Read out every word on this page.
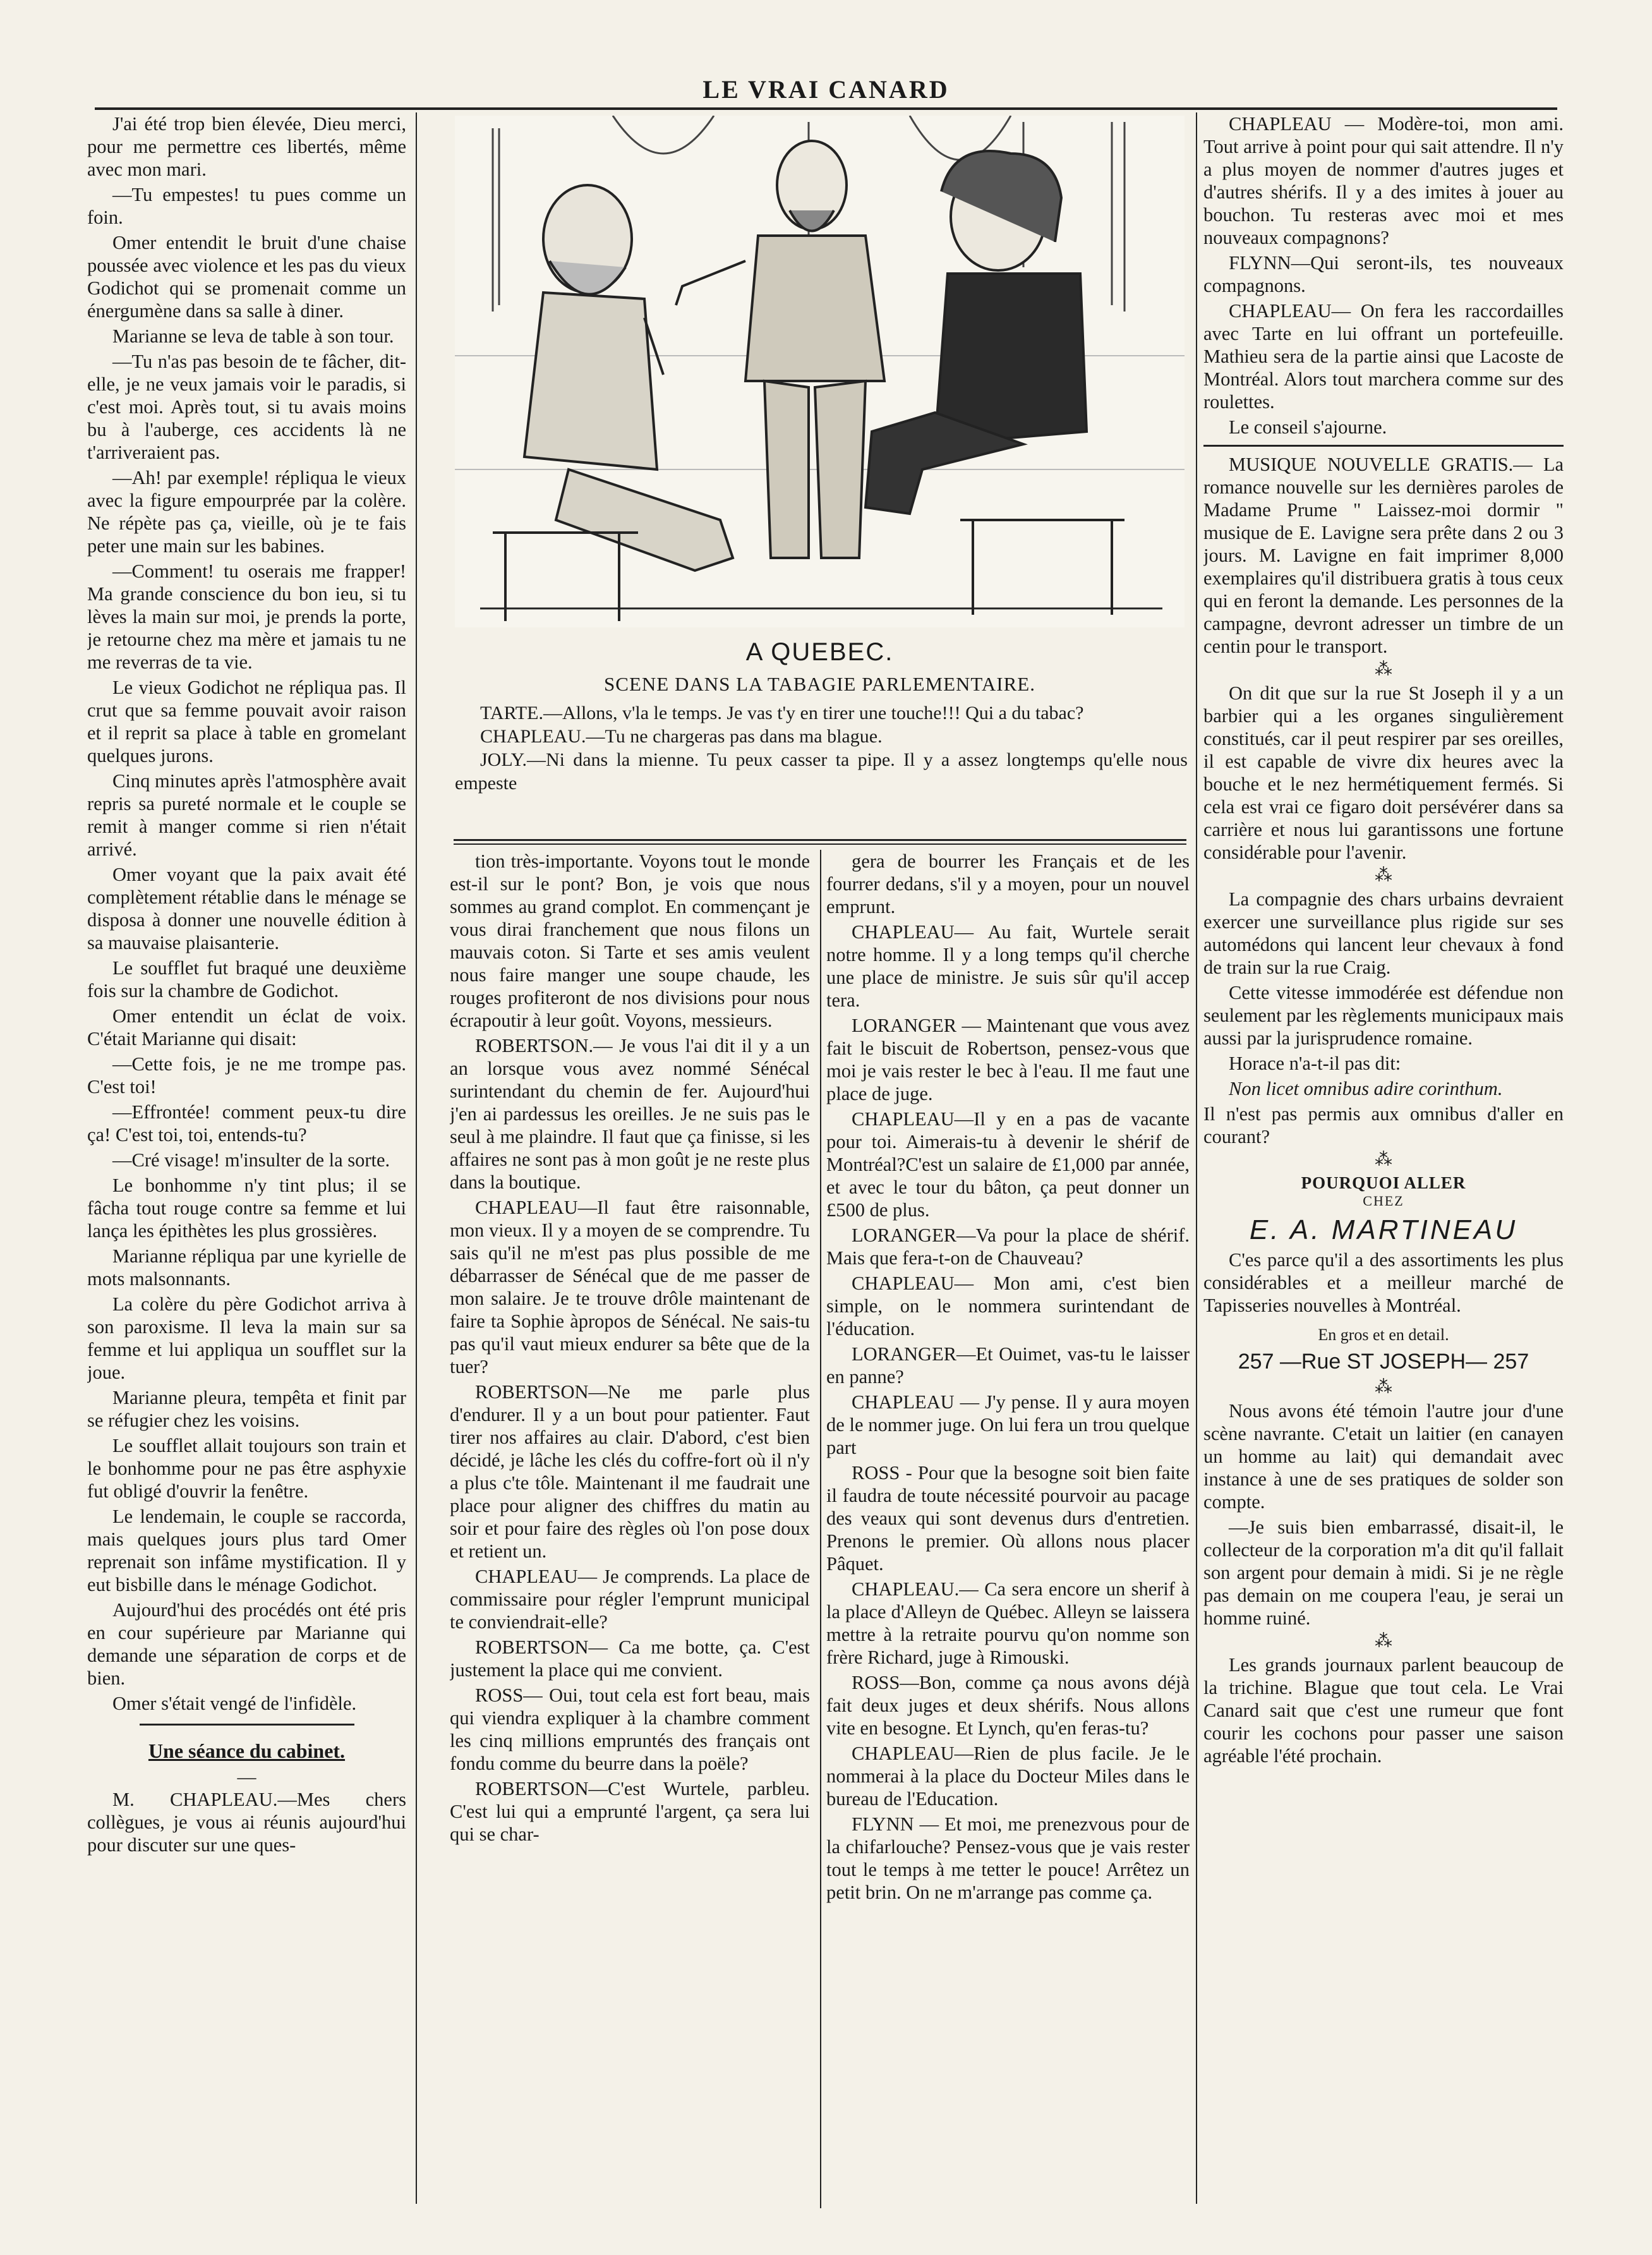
LE VRAI CANARD

J'ai été trop bien élevée, Dieu merci, pour me permettre ces libertés, même avec mon mari.

—Tu empestes! tu pues comme un foin.

Omer entendit le bruit d'une chaise poussée avec violence et les pas du vieux Godichot qui se promenait comme un énergumène dans sa salle à diner.

Marianne se leva de table à son tour.

—Tu n'as pas besoin de te fâcher, dit-elle, je ne veux jamais voir le paradis, si c'est moi. Après tout, si tu avais moins bu à l'auberge, ces accidents là ne t'arriveraient pas.

—Ah! par exemple! répliqua le vieux avec la figure empourprée par la colère. Ne répète pas ça, vieille, où je te fais peter une main sur les babines.

—Comment! tu oserais me frapper! Ma grande conscience du bon ieu, si tu lèves la main sur moi, je prends la porte, je retourne chez ma mère et jamais tu ne me reverras de ta vie.

Le vieux Godichot ne répliqua pas. Il crut que sa femme pouvait avoir raison et il reprit sa place à table en gromelant quelques jurons.

Cinq minutes après l'atmosphère avait repris sa pureté normale et le couple se remit à manger comme si rien n'était arrivé.

Omer voyant que la paix avait été complètement rétablie dans le ménage se disposa à donner une nouvelle édition à sa mauvaise plaisanterie.

Le soufflet fut braqué une deuxième fois sur la chambre de Godichot.

Omer entendit un éclat de voix. C'était Marianne qui disait:

—Cette fois, je ne me trompe pas. C'est toi!

—Effrontée! comment peux-tu dire ça! C'est toi, toi, entends-tu?

—Cré visage! m'insulter de la sorte.

Le bonhomme n'y tint plus; il se fâcha tout rouge contre sa femme et lui lança les épithètes les plus grossières.

Marianne répliqua par une kyrielle de mots malsonnants.

La colère du père Godichot arriva à son paroxisme. Il leva la main sur sa femme et lui appliqua un soufflet sur la joue.

Marianne pleura, tempêta et finit par se réfugier chez les voisins.

Le soufflet allait toujours son train et le bonhomme pour ne pas être asphyxie fut obligé d'ouvrir la fenêtre.

Le lendemain, le couple se raccorda, mais quelques jours plus tard Omer reprenait son infâme mystification. Il y eut bisbille dans le ménage Godichot.

Aujourd'hui des procédés ont été pris en cour supérieure par Marianne qui demande une séparation de corps et de bien.

Omer s'était vengé de l'infidèle.

Une séance du cabinet.
—

M. CHAPLEAU.—Mes chers collègues, je vous ai réunis aujourd'hui pour discuter sur une ques-

A QUEBEC.
SCENE DANS LA TABAGIE PARLEMENTAIRE.

TARTE.—Allons, v'la le temps. Je vas t'y en tirer une touche!!! Qui a du tabac?

CHAPLEAU.—Tu ne chargeras pas dans ma blague.

JOLY.—Ni dans la mienne. Tu peux casser ta pipe. Il y a assez longtemps qu'elle nous empeste

tion très-importante. Voyons tout le monde est-il sur le pont? Bon, je vois que nous sommes au grand complot. En commençant je vous dirai franchement que nous filons un mauvais coton. Si Tarte et ses amis veulent nous faire manger une soupe chaude, les rouges profiteront de nos divisions pour nous écrapoutir à leur goût. Voyons, messieurs.

ROBERTSON.— Je vous l'ai dit il y a un an lorsque vous avez nommé Sénécal surintendant du chemin de fer. Aujourd'hui j'en ai pardessus les oreilles. Je ne suis pas le seul à me plaindre. Il faut que ça finisse, si les affaires ne sont pas à mon goût je ne reste plus dans la boutique.

CHAPLEAU—Il faut être raisonnable, mon vieux. Il y a moyen de se comprendre. Tu sais qu'il ne m'est pas plus possible de me débarrasser de Sénécal que de me passer de mon salaire. Je te trouve drôle maintenant de faire ta Sophie àpropos de Sénécal. Ne sais-tu pas qu'il vaut mieux endurer sa bête que de la tuer?

ROBERTSON—Ne me parle plus d'endurer. Il y a un bout pour patienter. Faut tirer nos affaires au clair. D'abord, c'est bien décidé, je lâche les clés du coffre-fort où il n'y a plus c'te tôle. Maintenant il me faudrait une place pour aligner des chiffres du matin au soir et pour faire des règles où l'on pose doux et retient un.

CHAPLEAU— Je comprends. La place de commissaire pour régler l'emprunt municipal te conviendrait-elle?

ROBERTSON— Ca me botte, ça. C'est justement la place qui me convient.

ROSS— Oui, tout cela est fort beau, mais qui viendra expliquer à la chambre comment les cinq millions empruntés des français ont fondu comme du beurre dans la poële?

ROBERTSON—C'est Wurtele, parbleu. C'est lui qui a emprunté l'argent, ça sera lui qui se char-

gera de bourrer les Français et de les fourrer dedans, s'il y a moyen, pour un nouvel emprunt.

CHAPLEAU— Au fait, Wurtele serait notre homme. Il y a long temps qu'il cherche une place de ministre. Je suis sûr qu'il accep tera.

LORANGER — Maintenant que vous avez fait le biscuit de Robertson, pensez-vous que moi je vais rester le bec à l'eau. Il me faut une place de juge.

CHAPLEAU—Il y en a pas de vacante pour toi. Aimerais-tu à devenir le shérif de Montréal?C'est un salaire de £1,000 par année, et avec le tour du bâton, ça peut donner un £500 de plus.

LORANGER—Va pour la place de shérif. Mais que fera-t-on de Chauveau?

CHAPLEAU— Mon ami, c'est bien simple, on le nommera surintendant de l'éducation.

LORANGER—Et Ouimet, vas-tu le laisser en panne?

CHAPLEAU — J'y pense. Il y aura moyen de le nommer juge. On lui fera un trou quelque part

ROSS - Pour que la besogne soit bien faite il faudra de toute nécessité pourvoir au pacage des veaux qui sont devenus durs d'entretien. Prenons le premier. Où allons nous placer Pâquet.

CHAPLEAU.— Ca sera encore un sherif à la place d'Alleyn de Québec. Alleyn se laissera mettre à la retraite pourvu qu'on nomme son frère Richard, juge à Rimouski.

ROSS—Bon, comme ça nous avons déjà fait deux juges et deux shérifs. Nous allons vite en besogne. Et Lynch, qu'en feras-tu?

CHAPLEAU—Rien de plus facile. Je le nommerai à la place du Docteur Miles dans le bureau de l'Education.

FLYNN — Et moi, me prenezvous pour de la chifarlouche? Pensez-vous que je vais rester tout le temps à me tetter le pouce! Arrêtez un petit brin. On ne m'arrange pas comme ça.

CHAPLEAU — Modère-toi, mon ami. Tout arrive à point pour qui sait attendre. Il n'y a plus moyen de nommer d'autres juges et d'autres shérifs. Il y a des imites à jouer au bouchon. Tu resteras avec moi et mes nouveaux compagnons?

FLYNN—Qui seront-ils, tes nouveaux compagnons.

CHAPLEAU— On fera les raccordailles avec Tarte en lui offrant un portefeuille. Mathieu sera de la partie ainsi que Lacoste de Montréal. Alors tout marchera comme sur des roulettes.

Le conseil s'ajourne.

MUSIQUE NOUVELLE GRATIS.— La romance nouvelle sur les dernières paroles de Madame Prume " Laissez-moi dormir " musique de E. Lavigne sera prête dans 2 ou 3 jours. M. Lavigne en fait imprimer 8,000 exemplaires qu'il distribuera gratis à tous ceux qui en feront la demande. Les personnes de la campagne, devront adresser un timbre de un centin pour le transport.

⁂

On dit que sur la rue St Joseph il y a un barbier qui a les organes singulièrement constitués, car il peut respirer par ses oreilles, il est capable de vivre dix heures avec la bouche et le nez hermétiquement fermés. Si cela est vrai ce figaro doit persévérer dans sa carrière et nous lui garantissons une fortune considérable pour l'avenir.

⁂

La compagnie des chars urbains devraient exercer une surveillance plus rigide sur ses automédons qui lancent leur chevaux à fond de train sur la rue Craig.

Cette vitesse immodérée est défendue non seulement par les règlements municipaux mais aussi par la jurisprudence romaine.

Horace n'a-t-il pas dit:

Non licet omnibus adire corinthum.

Il n'est pas permis aux omnibus d'aller en courant?

⁂
POURQUOI ALLER
CHEZ
E. A. MARTINEAU

C'es parce qu'il a des assortiments les plus considérables et a meilleur marché de Tapisseries nouvelles à Montréal.

En gros et en detail.
257 —Rue ST JOSEPH— 257
⁂

Nous avons été témoin l'autre jour d'une scène navrante. C'etait un laitier (en canayen un homme au lait) qui demandait avec instance à une de ses pratiques de solder son compte.

—Je suis bien embarrassé, disait-il, le collecteur de la corporation m'a dit qu'il fallait son argent pour demain à midi. Si je ne règle pas demain on me coupera l'eau, je serai un homme ruiné.

⁂

Les grands journaux parlent beaucoup de la trichine. Blague que tout cela. Le Vrai Canard sait que c'est une rumeur que font courir les cochons pour passer une saison agréable l'été prochain.
